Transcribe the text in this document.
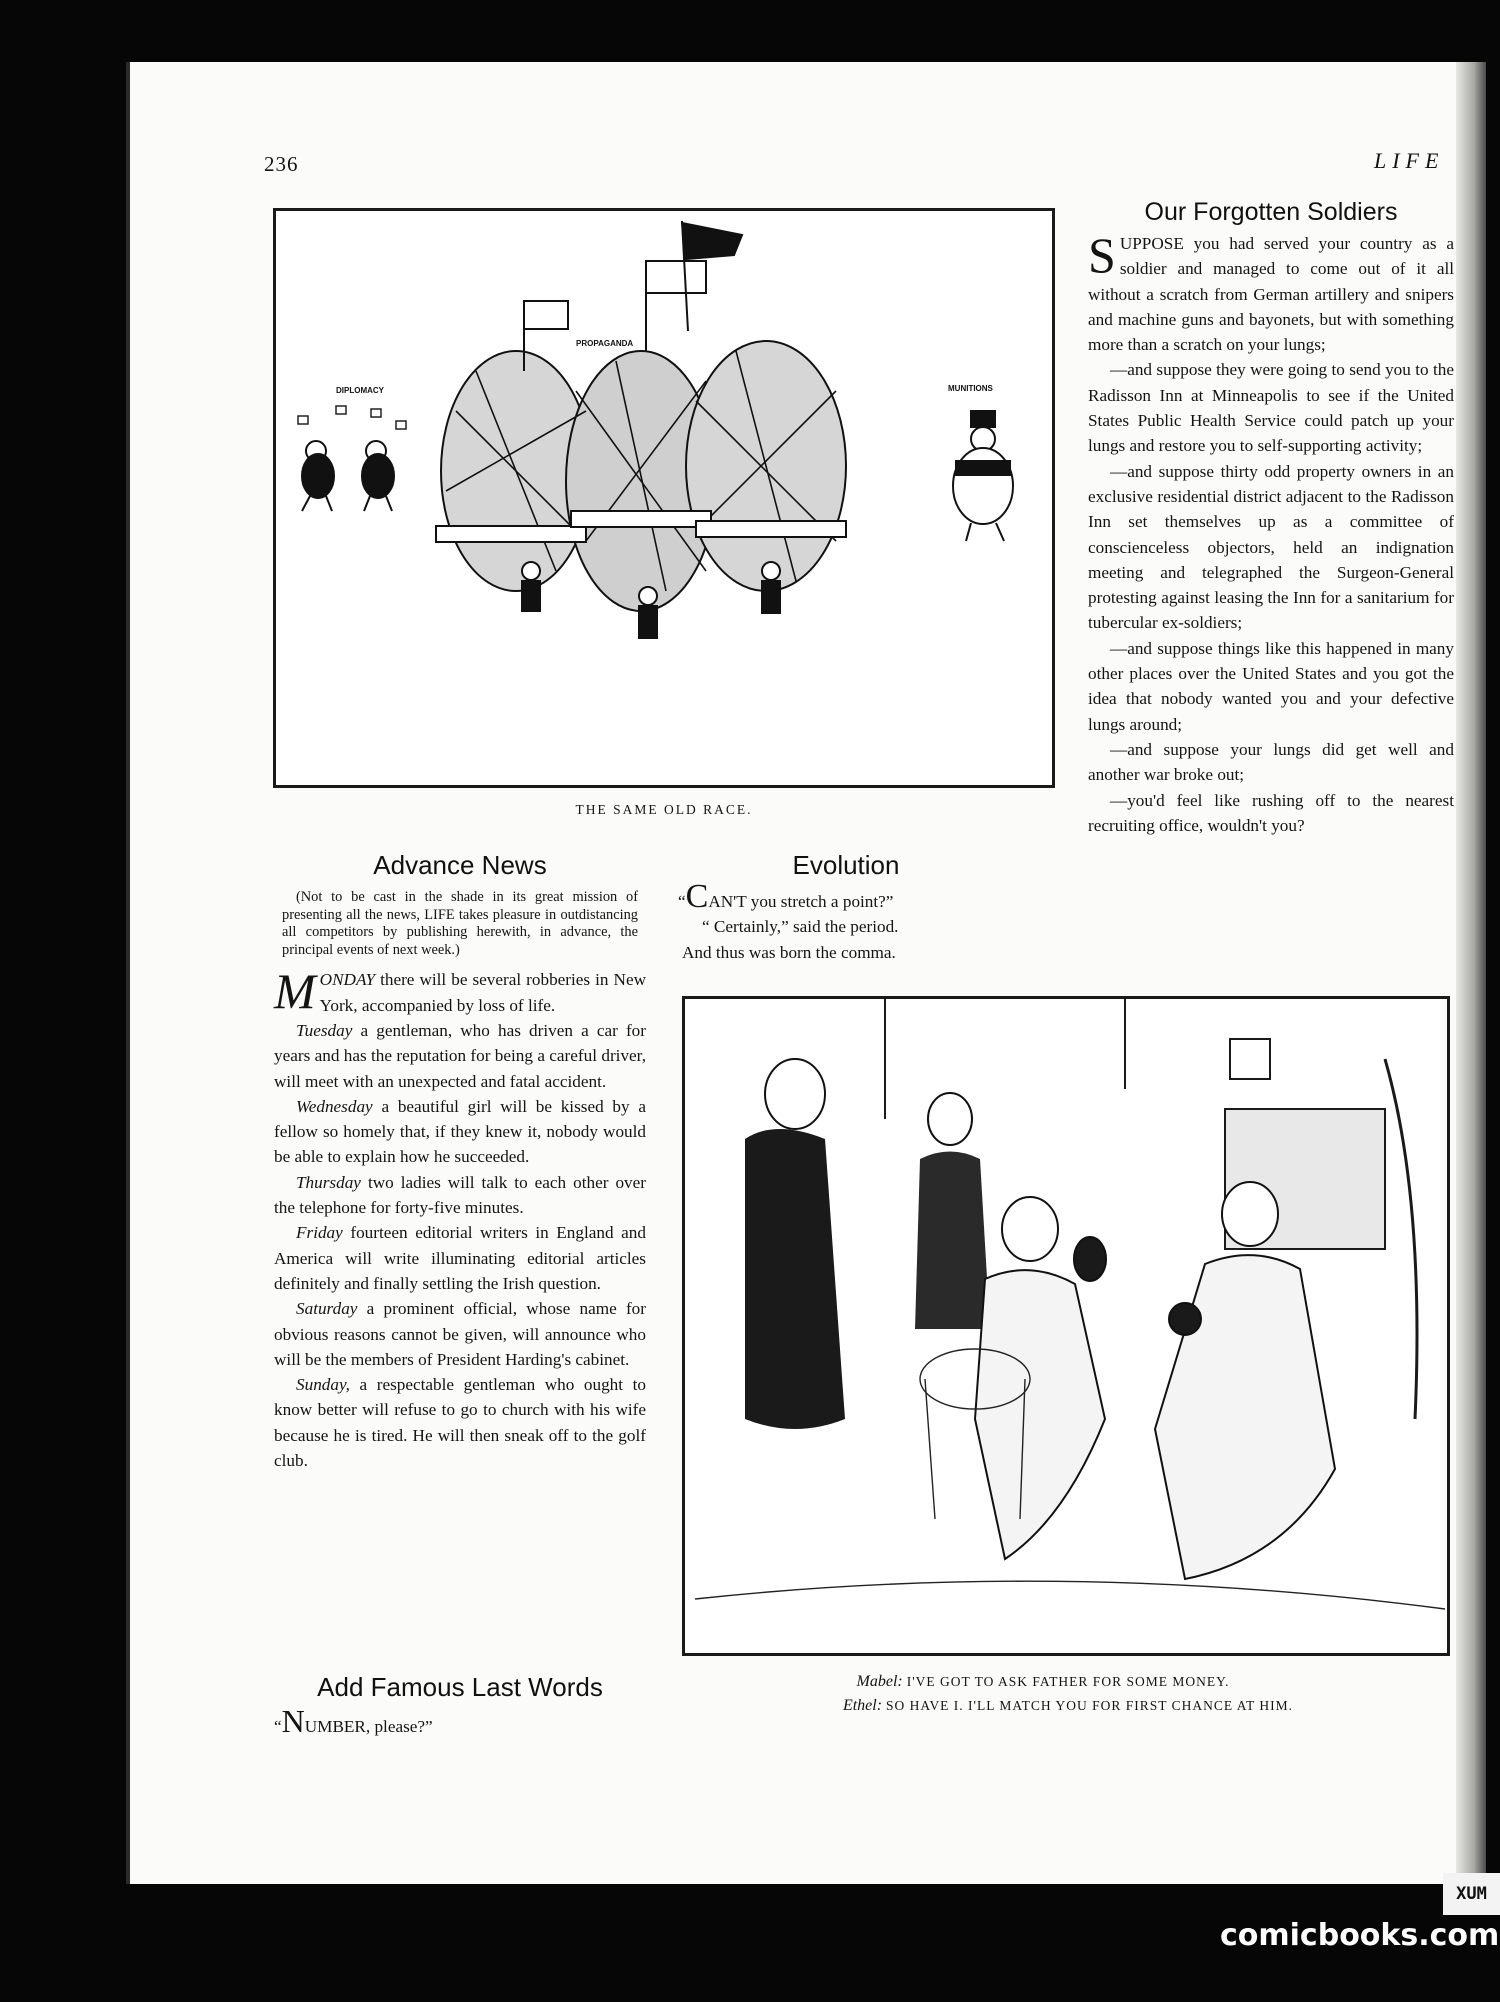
236	LIFE
DIPLOMACY
PROPAGANDA
MUNITIONS
THE SAME OLD RACE.
Our Forgotten Soldiers

SUPPOSE you had served your country as a soldier and managed to come out of it all without a scratch from German artillery and snipers and machine guns and bayonets, but with something more than a scratch on your lungs;

—and suppose they were going to send you to the Radisson Inn at Minneapolis to see if the United States Public Health Service could patch up your lungs and restore you to self-supporting activity;

—and suppose thirty odd property owners in an exclusive residential district adjacent to the Radisson Inn set themselves up as a committee of conscienceless objectors, held an indignation meeting and telegraphed the Surgeon-General protesting against leasing the Inn for a sanitarium for tubercular ex-soldiers;

—and suppose things like this happened in many other places over the United States and you got the idea that nobody wanted you and your defective lungs around;

—and suppose your lungs did get well and another war broke out;

—you'd feel like rushing off to the nearest recruiting office, wouldn't you?

Advance News

(Not to be cast in the shade in its great mission of presenting all the news, LIFE takes pleasure in outdistancing all competitors by publishing herewith, in advance, the principal events of next week.)

MONDAY there will be several robberies in New York, accompanied by loss of life.

Tuesday a gentleman, who has driven a car for years and has the reputation for being a careful driver, will meet with an unexpected and fatal accident.

Wednesday a beautiful girl will be kissed by a fellow so homely that, if they knew it, nobody would be able to explain how he succeeded.

Thursday two ladies will talk to each other over the telephone for forty-five minutes.

Friday fourteen editorial writers in England and America will write illuminating editorial articles definitely and finally settling the Irish question.

Saturday a prominent official, whose name for obvious reasons cannot be given, will announce who will be the members of President Harding's cabinet.

Sunday, a respectable gentleman who ought to know better will refuse to go to church with his wife because he is tired. He will then sneak off to the golf club.

Evolution

“CAN'T you stretch a point?”

“ Certainly,” said the period.

And thus was born the comma.

Add Famous Last Words

“NUMBER, please?”

Mabel: I'VE GOT TO ASK FATHER FOR SOME MONEY.
Ethel: SO HAVE I. I'LL MATCH YOU FOR FIRST CHANCE AT HIM.
XUM
comicbooks.com
